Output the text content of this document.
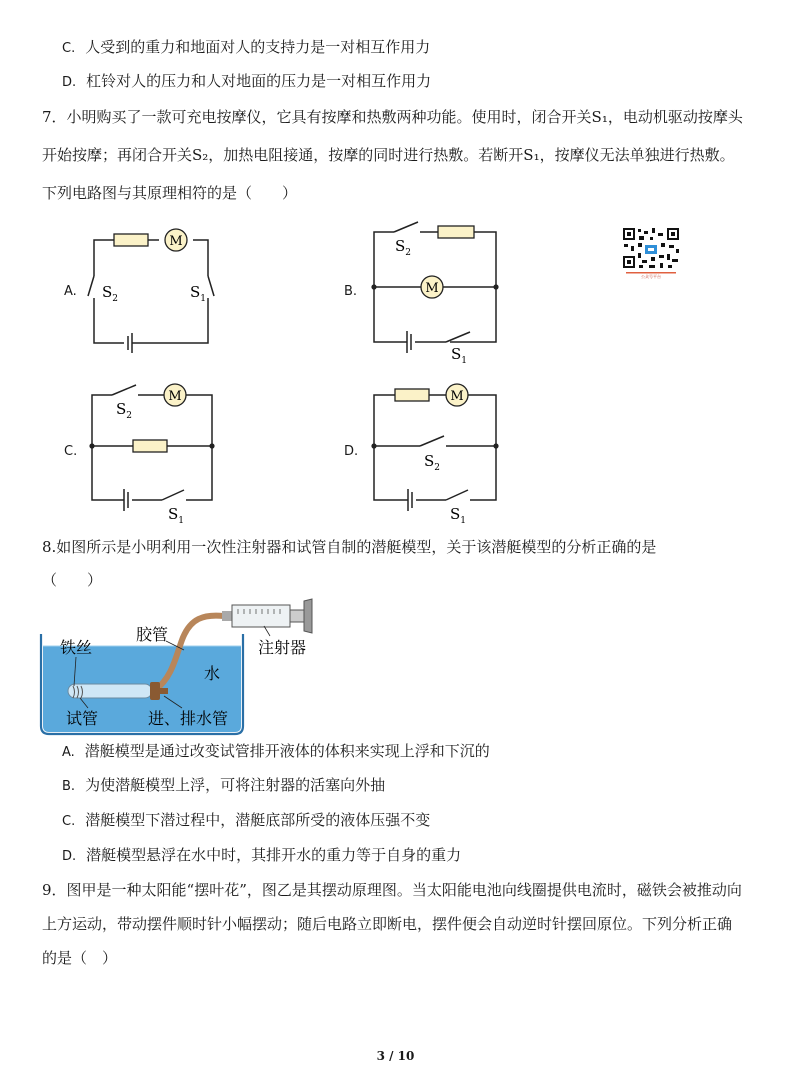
C. 人受到的重力和地面对人的支持力是一对相互作用力
D. 杠铃对人的压力和人对地面的压力是一对相互作用力
7．小明购买了一款可充电按摩仪，它具有按摩和热敷两种功能。使用时，闭合开关S₁，电动机驱动按摩头
开始按摩；再闭合开关S₂，加热电阻接通，按摩的同时进行热敷。若断开S₁，按摩仪无法单独进行热敷。
下列电路图与其原理相符的是（　　）
公众号平台
A.
M
$S_2$	$S_1$	B.	M
$S_2$
$S_1$
C.
M
$S_2$
$S_1$
D.
M
$S_2$
$S_1$
8.如图所示是小明利用一次性注射器和试管自制的潜艇模型，关于该潜艇模型的分析正确的是
（　　）
铁丝
胶管
注射器
水
试管	进、排水管
A. 潜艇模型是通过改变试管排开液体的体积来实现上浮和下沉的
B. 为使潜艇模型上浮，可将注射器的活塞向外抽
C. 潜艇模型下潜过程中，潜艇底部所受的液体压强不变
D. 潜艇模型悬浮在水中时，其排开水的重力等于自身的重力
9．图甲是一种太阳能“摆叶花”，图乙是其摆动原理图。当太阳能电池向线圈提供电流时，磁铁会被推动向
上方运动，带动摆件顺时针小幅摆动；随后电路立即断电，摆件便会自动逆时针摆回原位。下列分析正确
的是（　）
3 / 10
